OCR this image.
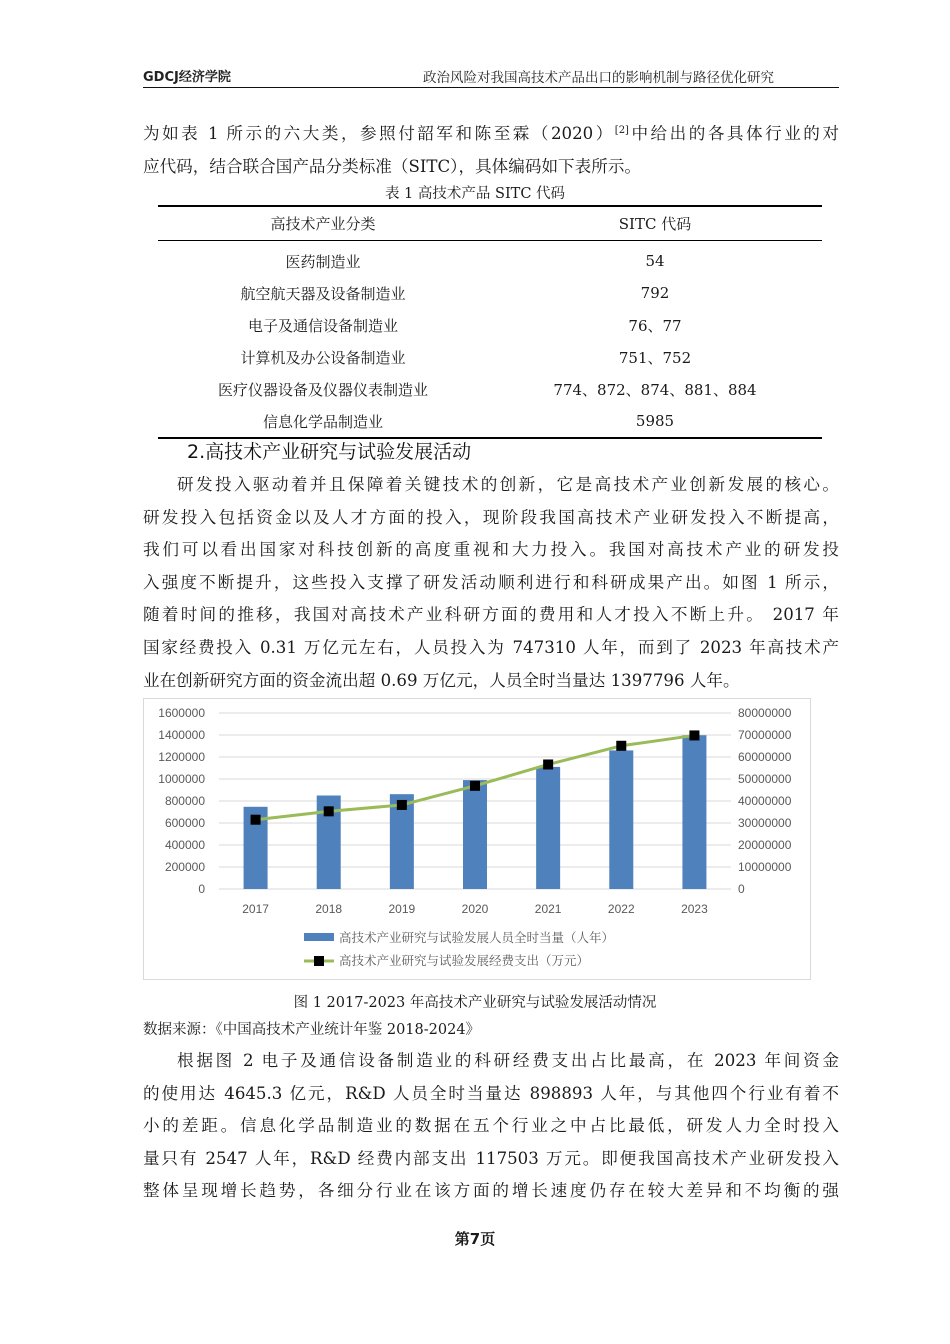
GDCJ经济学院	政治风险对我国高技术产品出口的影响机制与路径优化研究
为如表 1 所示的六大类，参照付韶军和陈至霖（2020）[2]中给出的各具体行业的对
应代码，结合联合国产品分类标准（SITC），具体编码如下表所示。
表 1 高技术产品 SITC 代码
高技术产业分类	SITC 代码
医药制造业	54
航空航天器及设备制造业	792
电子及通信设备制造业	76、77
计算机及办公设备制造业	751、752
医疗仪器设备及仪器仪表制造业	774、872、874、881、884
信息化学品制造业	5985
2.高技术产业研究与试验发展活动
研发投入驱动着并且保障着关键技术的创新，它是高技术产业创新发展的核心。
研发投入包括资金以及人才方面的投入，现阶段我国高技术产业研发投入不断提高，
我们可以看出国家对科技创新的高度重视和大力投入。我国对高技术产业的研发投
入强度不断提升，这些投入支撑了研发活动顺利进行和科研成果产出。如图 1 所示，
随着时间的推移，我国对高技术产业科研方面的费用和人才投入不断上升。 2017 年
国家经费投入 0.31 万亿元左右，人员投入为 747310 人年，而到了 2023 年高技术产
业在创新研究方面的资金流出超 0.69 万亿元，人员全时当量达 1397796 人年。
0
200000
400000
600000
800000
1000000
1200000
1400000
1600000
0
10000000
20000000
30000000
40000000
50000000
60000000
70000000
80000000
2017	2018	2019	2020	2021	2022	2023
高技术产业研究与试验发展人员全时当量（人年）
高技术产业研究与试验发展经费支出（万元）
图 1 2017-2023 年高技术产业研究与试验发展活动情况
数据来源：《中国高技术产业统计年鉴 2018-2024》
根据图 2 电子及通信设备制造业的科研经费支出占比最高，在 2023 年间资金
的使用达 4645.3 亿元，R&D 人员全时当量达 898893 人年，与其他四个行业有着不
小的差距。信息化学品制造业的数据在五个行业之中占比最低，研发人力全时投入
量只有 2547 人年，R&D 经费内部支出 117503 万元。即便我国高技术产业研发投入
整体呈现增长趋势，各细分行业在该方面的增长速度仍存在较大差异和不均衡的强
第7页
